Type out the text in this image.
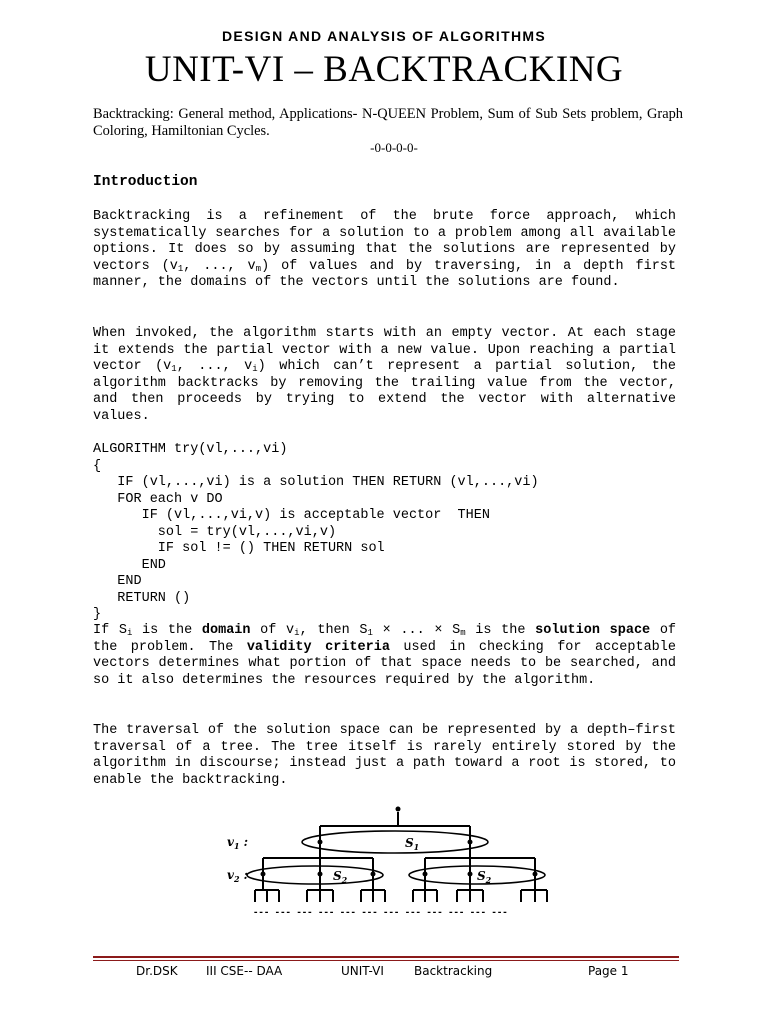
DESIGN AND ANALYSIS OF ALGORITHMS
UNIT-VI – BACKTRACKING
Backtracking: General method, Applications- N-QUEEN Problem, Sum of Sub Sets problem, Graph Coloring, Hamiltonian Cycles.
-0-0-0-0-
Introduction
Backtracking is a refinement of the brute force approach, which systematically searches for a solution to a problem among all available options. It does so by assuming that the solutions are represented by vectors ($v_1$, ..., $v_m$) of values and by traversing, in a depth first manner, the domains of the vectors until the solutions are found.
When invoked, the algorithm starts with an empty vector. At each stage it extends the partial vector with a new value. Upon reaching a partial vector ($v_1$, ..., $v_i$) which can’t represent a partial solution, the algorithm backtracks by removing the trailing value from the vector, and then proceeds by trying to extend the vector with alternative values.
ALGORITHM try(vl,...,vi)
{
IF (vl,...,vi) is a solution THEN RETURN (vl,...,vi)
FOR each v DO
IF (vl,...,vi,v) is acceptable vector  THEN
sol = try(vl,...,vi,v)
IF sol != () THEN RETURN sol
END
END
RETURN ()
}
If $S_i$ is the domain of $v_i$, then $S_1$ × ... × $S_m$ is the solution space of the problem. The validity criteria used in checking for acceptable vectors determines what portion of that space needs to be searched, and so it also determines the resources required by the algorithm.
The traversal of the solution space can be represented by a depth–first traversal of a tree. The tree itself is rarely entirely stored by the algorithm in discourse; instead just a path toward a root is stored, to enable the backtracking.
$v_1$ :
$v_2$ :
$S_1$
$S_2$	$S_2$
--- --- --- --- --- --- --- --- --- --- --- ---
Dr.DSK III CSE-- DAA	UNIT-VI	Backtracking	Page 1
